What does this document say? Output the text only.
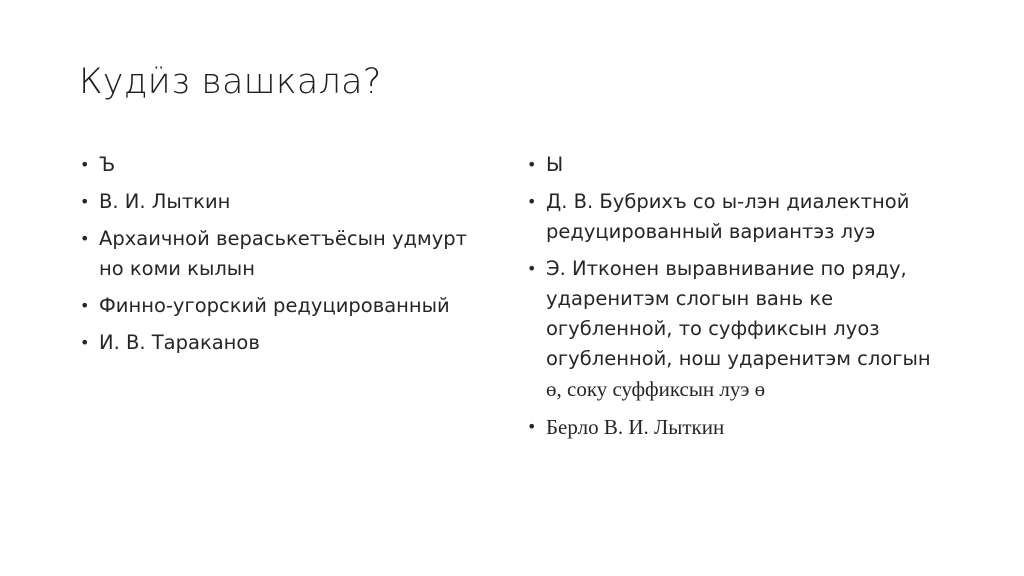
Кудӥз вашкала?
• Ъ
• В. И. Лыткин
• Архаичной вераськетъёсын удмурт но коми кылын
• Финно-угорский редуцированный
• И. В. Тараканов
• Ы
• Д. В. Бубрихъ со ы-лэн диалектной редуцированный вариантэз луэ
• Э. Итконен выравнивание по ряду, ударенитэм слогын вань ке огубленной, то суффиксын луоз огубленной, нош ударенитэм слогын ө, соку суффиксын луэ ө
• Берло В. И. Лыткин
